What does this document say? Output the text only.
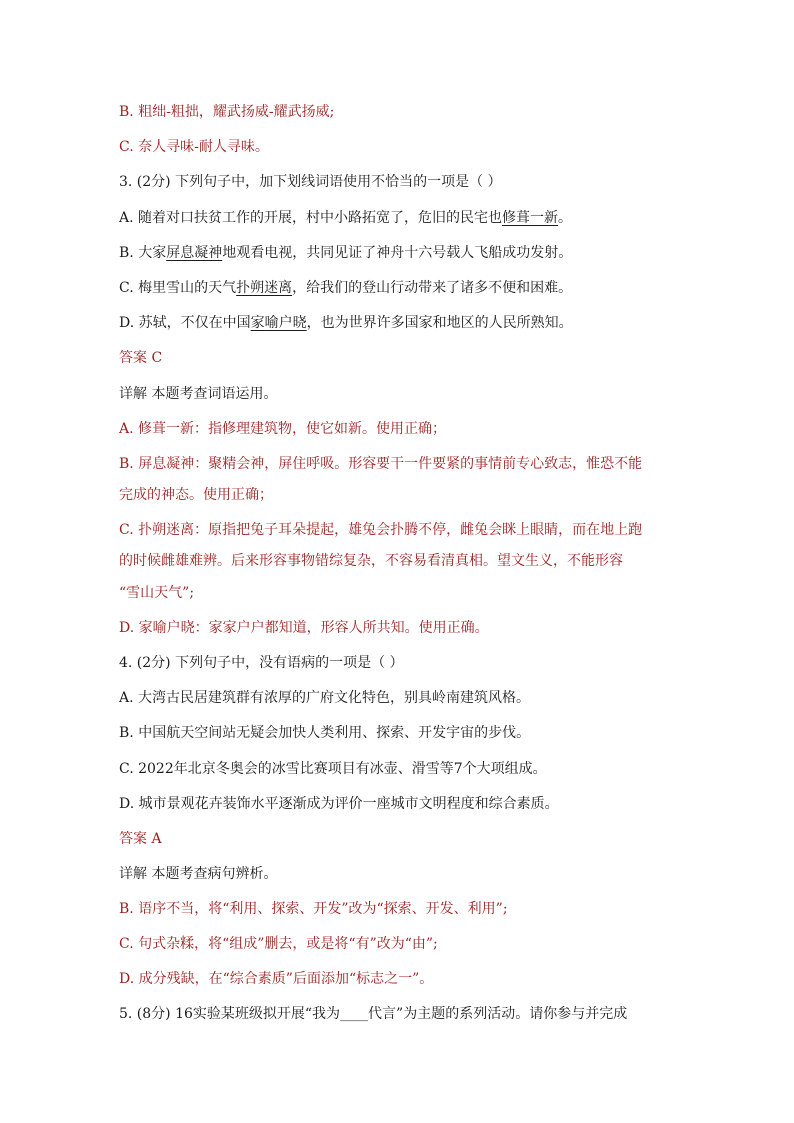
B. 粗绌-粗拙，耀武扬威-耀武扬威;
C. 奈人寻味-耐人寻味。
3. (2分) 下列句子中，加下划线词语使用不恰当的一项是（ ）
A. 随着对口扶贫工作的开展，村中小路拓宽了，危旧的民宅也修葺一新。
B. 大家屏息凝神地观看电视，共同见证了神舟十六号载人飞船成功发射。
C. 梅里雪山的天气扑朔迷离，给我们的登山行动带来了诸多不便和困难。
D. 苏轼，不仅在中国家喻户晓，也为世界许多国家和地区的人民所熟知。
答案 C
详解 本题考查词语运用。
A. 修葺一新：指修理建筑物，使它如新。使用正确；
B. 屏息凝神：聚精会神，屏住呼吸。形容要干一件要紧的事情前专心致志，惟恐不能
完成的神态。使用正确；
C. 扑朔迷离：原指把兔子耳朵提起，雄兔会扑腾不停，雌兔会眯上眼睛，而在地上跑
的时候雌雄难辨。后来形容事物错综复杂，不容易看清真相。望文生义，不能形容
“雪山天气”;
D. 家喻户晓：家家户户都知道，形容人所共知。使用正确。
4. (2分) 下列句子中，没有语病的一项是（ ）
A. 大湾古民居建筑群有浓厚的广府文化特色，别具岭南建筑风格。
B. 中国航天空间站无疑会加快人类利用、探索、开发宇宙的步伐。
C. 2022年北京冬奥会的冰雪比赛项目有冰壶、滑雪等7个大项组成。
D. 城市景观花卉装饰水平逐渐成为评价一座城市文明程度和综合素质。
答案 A
详解 本题考查病句辨析。
B. 语序不当，将“利用、探索、开发”改为“探索、开发、利用”;
C. 句式杂糅，将“组成”删去，或是将“有”改为“由”;
D. 成分残缺，在“综合素质”后面添加“标志之一”。
5. (8分) 16实验某班级拟开展“我为____代言”为主题的系列活动。请你参与并完成
